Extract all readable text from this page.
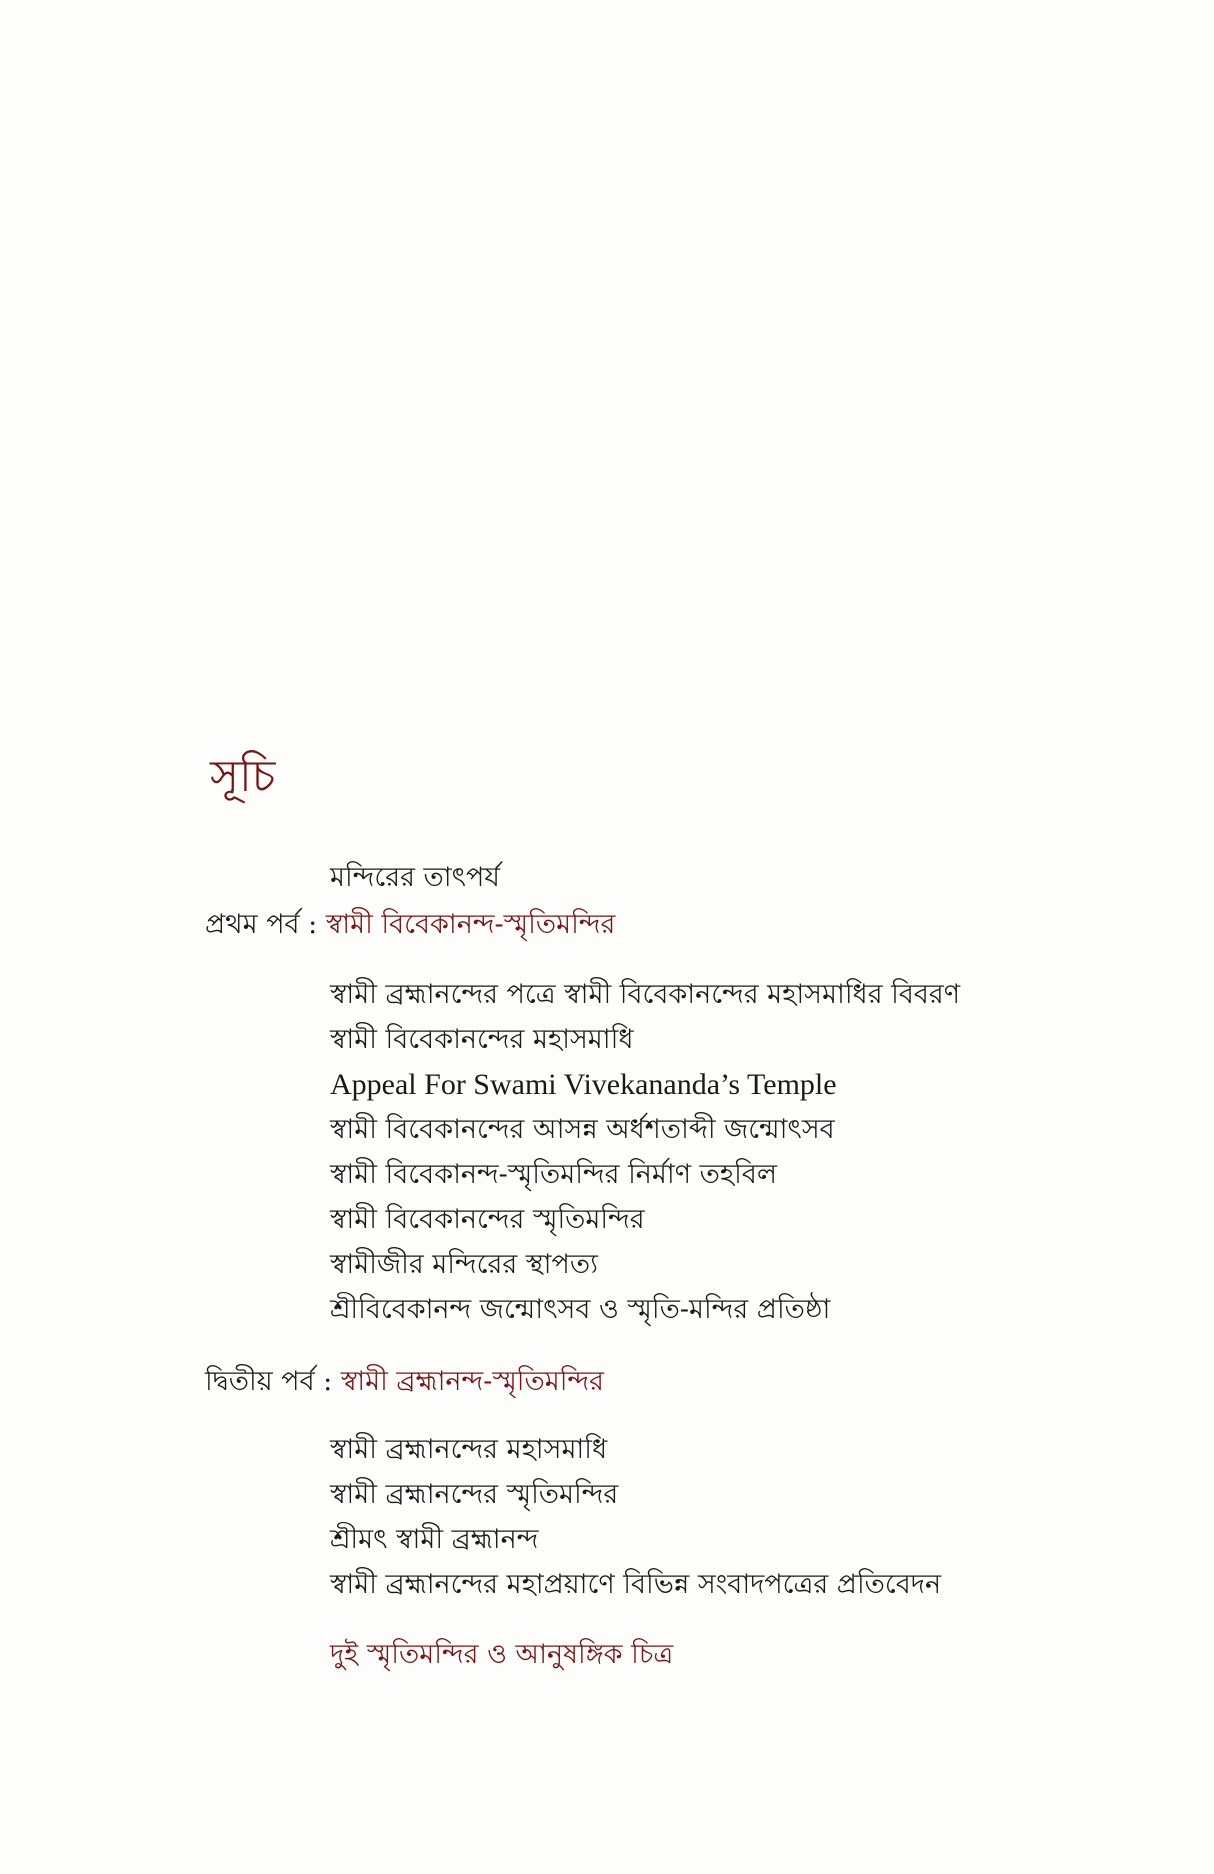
সূচি
মন্দিরের তাৎপর্য
প্রথম পর্ব : স্বামী বিবেকানন্দ-স্মৃতিমন্দির
স্বামী ব্রহ্মানন্দের পত্রে স্বামী বিবেকানন্দের মহাসমাধির বিবরণ
স্বামী বিবেকানন্দের মহাসমাধি
Appeal For Swami Vivekananda’s Temple
স্বামী বিবেকানন্দের আসন্ন অর্ধশতাব্দী জন্মোৎসব
স্বামী বিবেকানন্দ-স্মৃতিমন্দির নির্মাণ তহবিল
স্বামী বিবেকানন্দের স্মৃতিমন্দির
স্বামীজীর মন্দিরের স্থাপত্য
শ্রীবিবেকানন্দ জন্মোৎসব ও স্মৃতি-মন্দির প্রতিষ্ঠা
দ্বিতীয় পর্ব : স্বামী ব্রহ্মানন্দ-স্মৃতিমন্দির
স্বামী ব্রহ্মানন্দের মহাসমাধি
স্বামী ব্রহ্মানন্দের স্মৃতিমন্দির
শ্রীমৎ স্বামী ব্রহ্মানন্দ
স্বামী ব্রহ্মানন্দের মহাপ্রয়াণে বিভিন্ন সংবাদপত্রের প্রতিবেদন
দুই স্মৃতিমন্দির ও আনুষঙ্গিক চিত্র
